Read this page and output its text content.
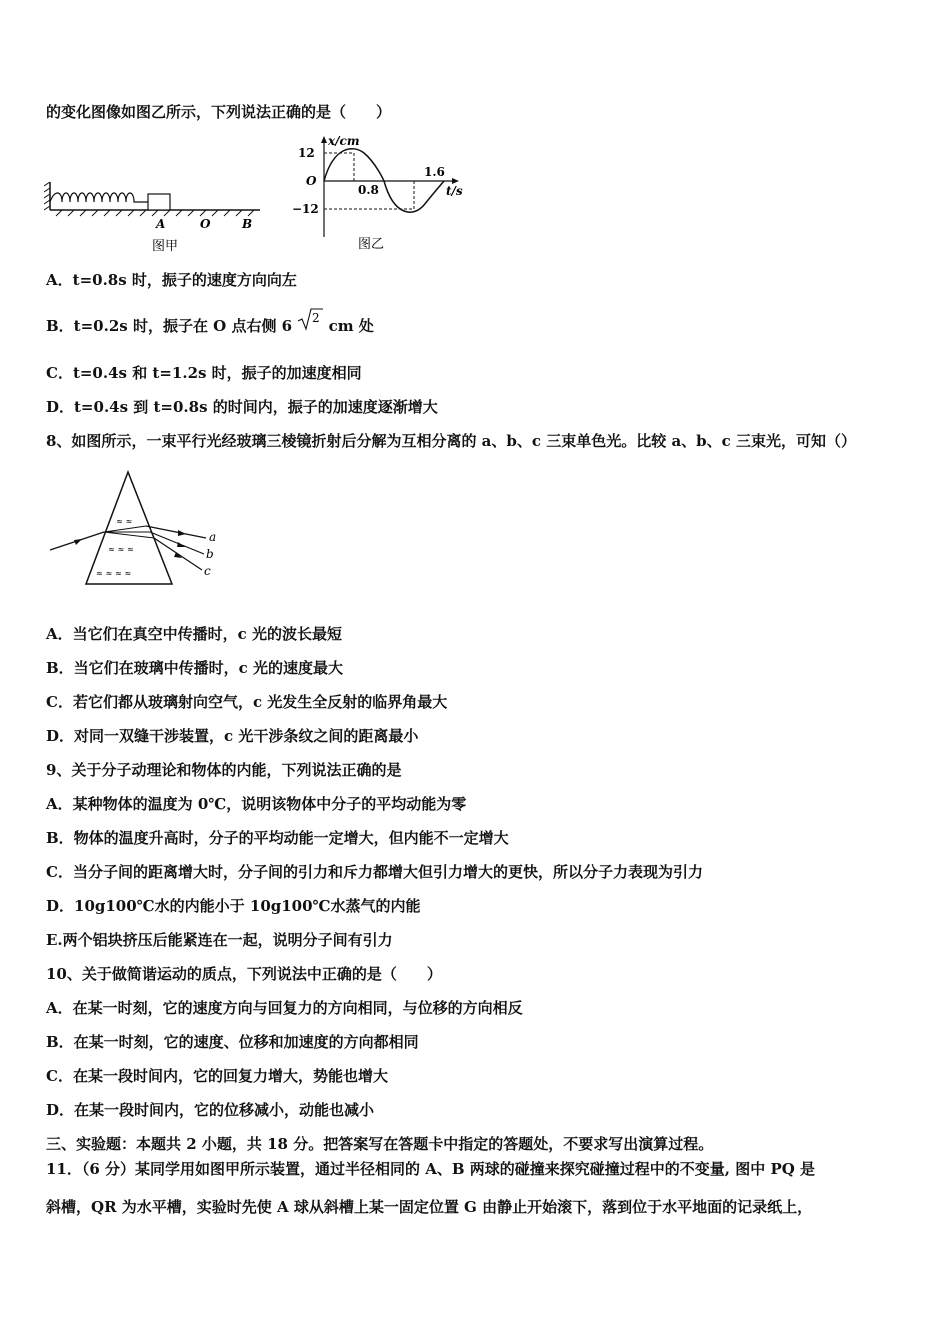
的变化图像如图乙所示，下列说法正确的是（　　）
A	O	B
图甲
x/cm
12
O
−12
0.8
1.6
t/s
图乙
A．t=0.8s 时，振子的速度方向向左
B．t=0.2s 时，振子在 O 点右侧 6 2 cm 处
C．t=0.4s 和 t=1.2s 时，振子的加速度相同
D．t=0.4s 到 t=0.8s 的时间内，振子的加速度逐渐增大
8、如图所示，一束平行光经玻璃三棱镜折射后分解为互相分离的 a、b、c 三束单色光。比较 a、b、c 三束光，可知（）
≈ ≈
≈ ≈ ≈
≈ ≈ ≈ ≈
a
b
c
A．当它们在真空中传播时，c 光的波长最短
B．当它们在玻璃中传播时，c 光的速度最大
C．若它们都从玻璃射向空气，c 光发生全反射的临界角最大
D．对同一双缝干涉装置，c 光干涉条纹之间的距离最小
9、关于分子动理论和物体的内能，下列说法正确的是
A．某种物体的温度为 0℃，说明该物体中分子的平均动能为零
B．物体的温度升高时，分子的平均动能一定增大，但内能不一定增大
C．当分子间的距离增大时，分子间的引力和斥力都增大但引力增大的更快，所以分子力表现为引力
D．10g100℃水的内能小于 10g100℃水蒸气的内能
E.两个铝块挤压后能紧连在一起，说明分子间有引力
10、关于做简谐运动的质点，下列说法中正确的是（　　）
A．在某一时刻，它的速度方向与回复力的方向相同，与位移的方向相反
B．在某一时刻，它的速度、位移和加速度的方向都相同
C．在某一段时间内，它的回复力增大，势能也增大
D．在某一段时间内，它的位移减小，动能也减小
三、实验题：本题共 2 小题，共 18 分。把答案写在答题卡中指定的答题处，不要求写出演算过程。
11．（6 分）某同学用如图甲所示装置，通过半径相同的 A、B 两球的碰撞来探究碰撞过程中的不变量, 图中 PQ 是
斜槽，QR 为水平槽，实验时先使 A 球从斜槽上某一固定位置 G 由静止开始滚下，落到位于水平地面的记录纸上，
